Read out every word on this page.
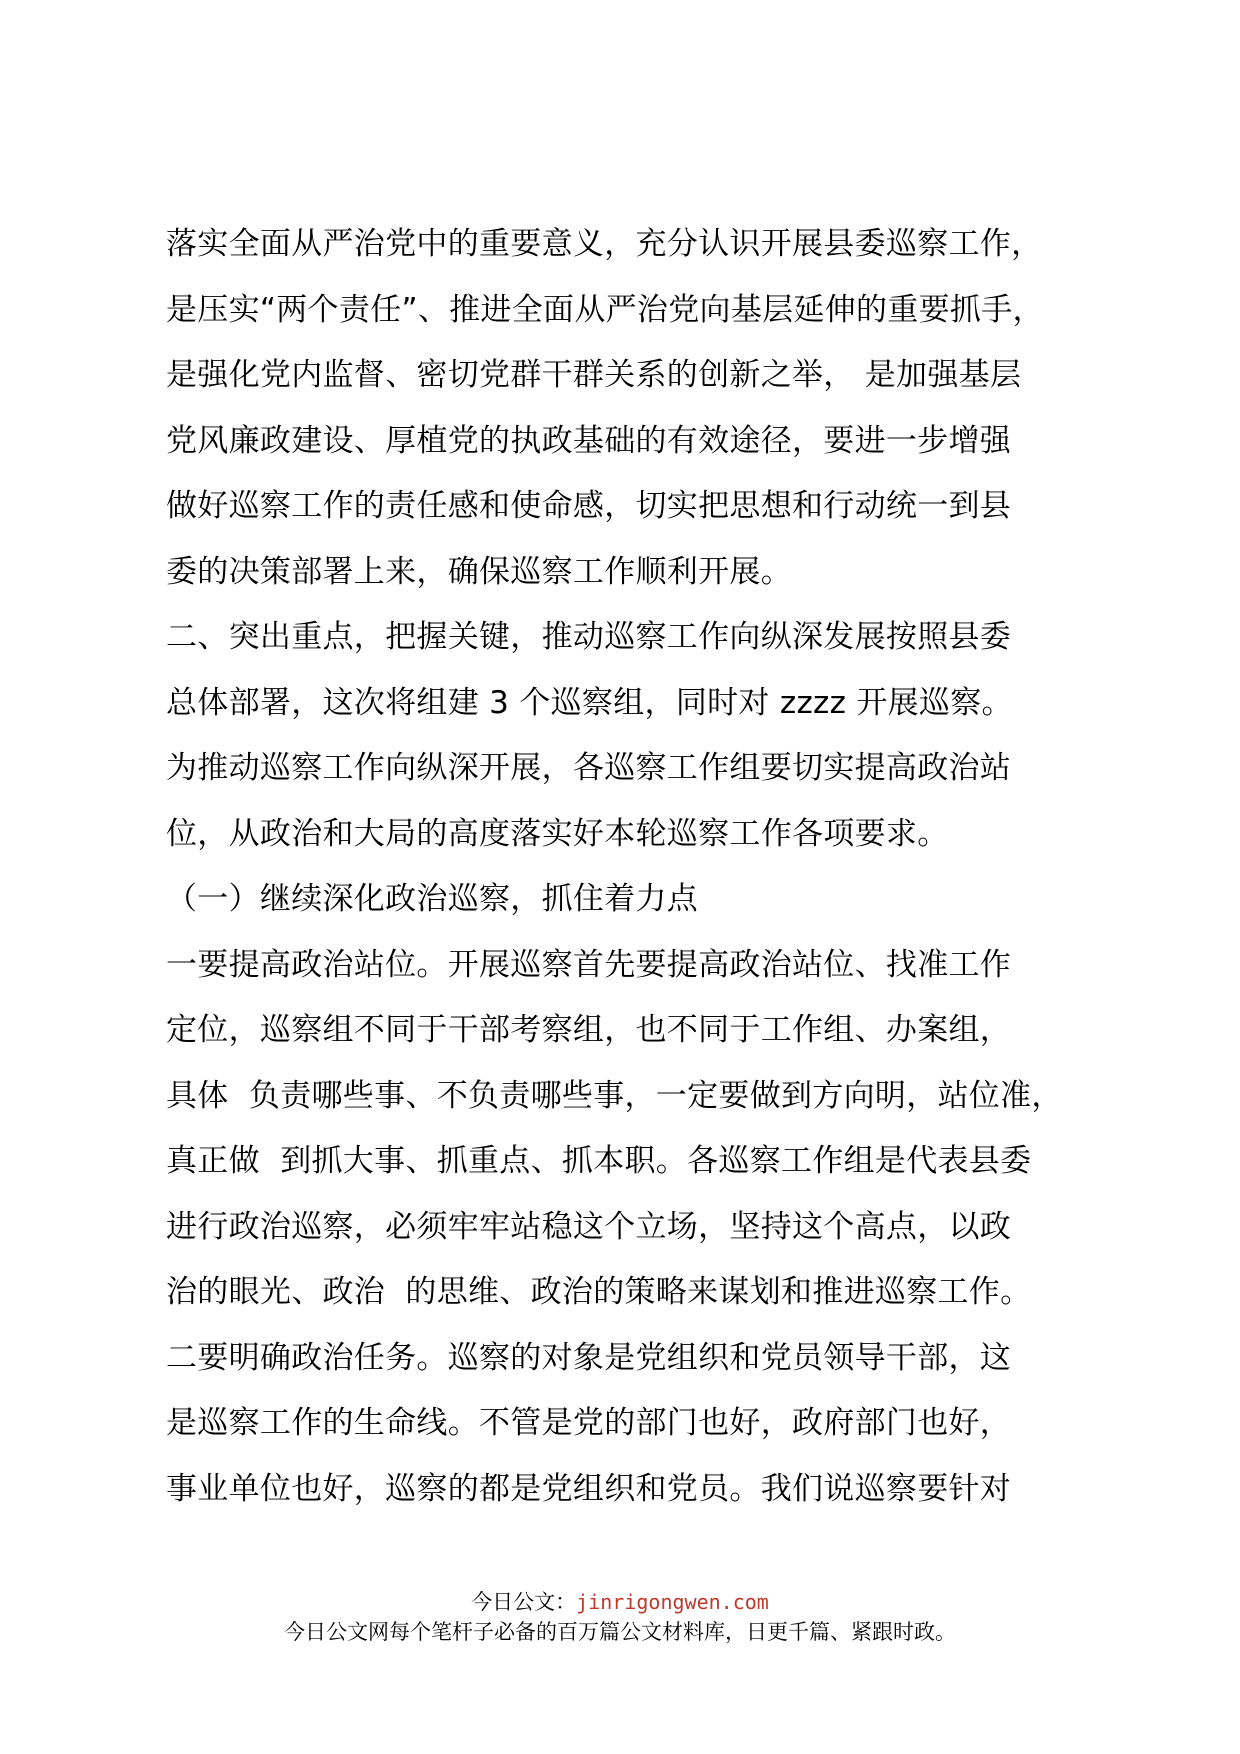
落实全面从严治党中的重要意义，充分认识开展县委巡察工作，
是压实“两个责任”、推进全面从严治党向基层延伸的重要抓手，
是强化党内监督、密切党群干群关系的创新之举， 是加强基层
党风廉政建设、厚植党的执政基础的有效途径，要进一步增强
做好巡察工作的责任感和使命感，切实把思想和行动统一到县
委的决策部署上来，确保巡察工作顺利开展。
二、突出重点，把握关键，推动巡察工作向纵深发展按照县委
总体部署，这次将组建 3 个巡察组，同时对 zzzz 开展巡察。
为推动巡察工作向纵深开展，各巡察工作组要切实提高政治站
位，从政治和大局的高度落实好本轮巡察工作各项要求。
（一）继续深化政治巡察，抓住着力点
一要提高政治站位。开展巡察首先要提高政治站位、找准工作
定位，巡察组不同于干部考察组，也不同于工作组、办案组，
具体  负责哪些事、不负责哪些事，一定要做到方向明，站位准，
真正做  到抓大事、抓重点、抓本职。各巡察工作组是代表县委
进行政治巡察，必须牢牢站稳这个立场，坚持这个高点，以政
治的眼光、政治  的思维、政治的策略来谋划和推进巡察工作。
二要明确政治任务。巡察的对象是党组织和党员领导干部，这
是巡察工作的生命线。不管是党的部门也好，政府部门也好，
事业单位也好，巡察的都是党组织和党员。我们说巡察要针对
今日公文：jinrigongwen.com
今日公文网每个笔杆子必备的百万篇公文材料库，日更千篇、紧跟时政。
